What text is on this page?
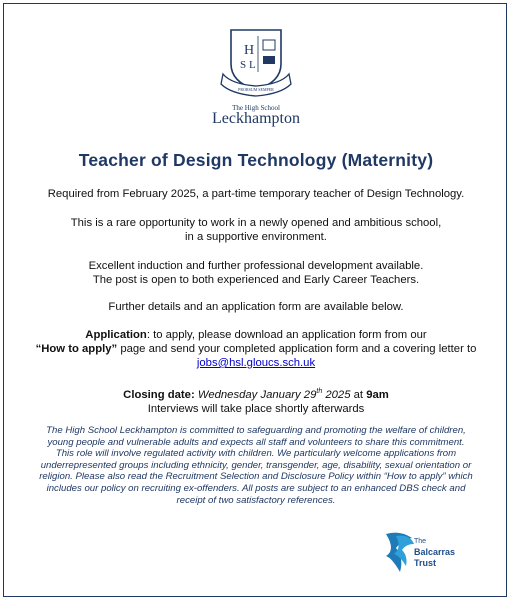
H
S L
PRORSUM SEMPER
The High School
Leckhampton
Teacher of Design Technology (Maternity)
Required from February 2025, a part-time temporary teacher of Design Technology.
This is a rare opportunity to work in a newly opened and ambitious school,
in a supportive environment.
Excellent induction and further professional development available.
The post is open to both experienced and Early Career Teachers.
Further details and an application form are available below.
Application: to apply, please download an application form from our
“How to apply” page and send your completed application form and a covering letter to
jobs@hsl.gloucs.sch.uk
Closing date: Wednesday January 29th 2025 at 9am
Interviews will take place shortly afterwards
The High School Leckhampton is committed to safeguarding and promoting the welfare of children,
young people and vulnerable adults and expects all staff and volunteers to share this commitment.
This role will involve regulated activity with children. We particularly welcome applications from
underrepresented groups including ethnicity, gender, transgender, age, disability, sexual orientation or
religion. Please also read the Recruitment Selection and Disclosure Policy within “How to apply” which
includes our policy on recruiting ex-offenders. All posts are subject to an enhanced DBS check and
receipt of two satisfactory references.
The
Balcarras
Trust
